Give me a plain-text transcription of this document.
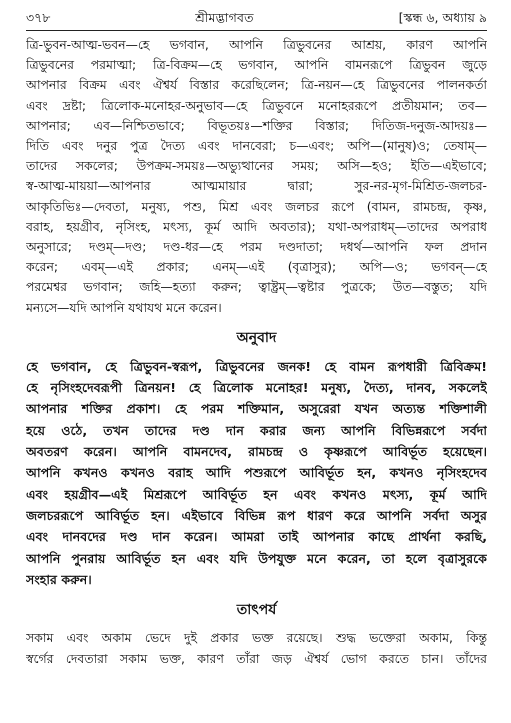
৩৭৮	শ্রীমদ্ভাগবত	[স্কন্ধ ৬, অধ্যায় ৯
ত্রি-ভুবন-আত্ম-ভবন—হে ভগবান, আপনি ত্রিভুবনের আশ্রয়, কারণ আপনি
ত্রিভুবনের পরমাত্মা; ত্রি-বিক্রম—হে ভগবান, আপনি বামনরূপে ত্রিভুবন জুড়ে
আপনার বিক্রম এবং ঐশ্বর্য বিস্তার করেছিলেন; ত্রি-নয়ন—হে ত্রিভুবনের পালনকর্তা
এবং দ্রষ্টা; ত্রিলোক-মনোহর-অনুভাব—হে ত্রিভুবনে মনোহররূপে প্রতীয়মান; তব—
আপনার; এব—নিশ্চিতভাবে; বিভূতয়ঃ—শক্তির বিস্তার; দিতিজ-দনুজ-আদয়ঃ—
দিতি এবং দনুর পুত্র দৈত্য এবং দানবেরা; চ—এবং; অপি—(মানুষ)ও; তেষাম্—
তাদের সকলের; উপক্রম-সময়ঃ—অভ্যুত্থানের সময়; অসি—হও; ইতি—এইভাবে;
স্ব-আত্ম-মায়য়া—আপনার আত্মমায়ার দ্বারা; সুর-নর-মৃগ-মিশ্রিত-জলচর-
আকৃতিভিঃ—দেবতা, মনুষ্য, পশু, মিশ্র এবং জলচর রূপে (বামন, রামচন্দ্র, কৃষ্ণ,
বরাহ, হয়গ্রীব, নৃসিংহ, মৎস্য, কূর্ম আদি অবতার); যথা-অপরাধম্—তাদের অপরাধ
অনুসারে; দণ্ডম্—দণ্ড; দণ্ড-ধর—হে পরম দণ্ডদাতা; দধর্থ—আপনি ফল প্রদান
করেন; এবম্—এই প্রকার; এনম্—এই (বৃত্রাসুর); অপি—ও; ভগবন্—হে
পরমেশ্বর ভগবান; জহি—হত্যা করুন; ত্বাষ্ট্রম্—ত্বষ্টার পুত্রকে; উত—বস্তুত; যদি
মন্যসে—যদি আপনি যথাযথ মনে করেন।
অনুবাদ
হে ভগবান, হে ত্রিভুবন-স্বরূপ, ত্রিভুবনের জনক! হে বামন রূপধারী ত্রিবিক্রম!
হে নৃসিংহদেবরূপী ত্রিনয়ন! হে ত্রিলোক মনোহর! মনুষ্য, দৈত্য, দানব, সকলেই
আপনার শক্তির প্রকাশ। হে পরম শক্তিমান, অসুরেরা যখন অত্যন্ত শক্তিশালী
হয়ে ওঠে, তখন তাদের দণ্ড দান করার জন্য আপনি বিভিন্নরূপে সর্বদা
অবতরণ করেন। আপনি বামনদেব, রামচন্দ্র ও কৃষ্ণরূপে আবির্ভূত হয়েছেন।
আপনি কখনও কখনও বরাহ আদি পশুরূপে আবির্ভূত হন, কখনও নৃসিংহদেব
এবং হয়গ্রীব—এই মিশ্ররূপে আবির্ভূত হন এবং কখনও মৎস্য, কূর্ম আদি
জলচররূপে আবির্ভূত হন। এইভাবে বিভিন্ন রূপ ধারণ করে আপনি সর্বদা অসুর
এবং দানবদের দণ্ড দান করেন। আমরা তাই আপনার কাছে প্রার্থনা করছি,
আপনি পুনরায় আবির্ভূত হন এবং যদি উপযুক্ত মনে করেন, তা হলে বৃত্রাসুরকে
সংহার করুন।
তাৎপর্য
সকাম এবং অকাম ভেদে দুই প্রকার ভক্ত রয়েছে। শুদ্ধ ভক্তেরা অকাম, কিন্তু
স্বর্গের দেবতারা সকাম ভক্ত, কারণ তাঁরা জড় ঐশ্বর্য ভোগ করতে চান। তাঁদের
